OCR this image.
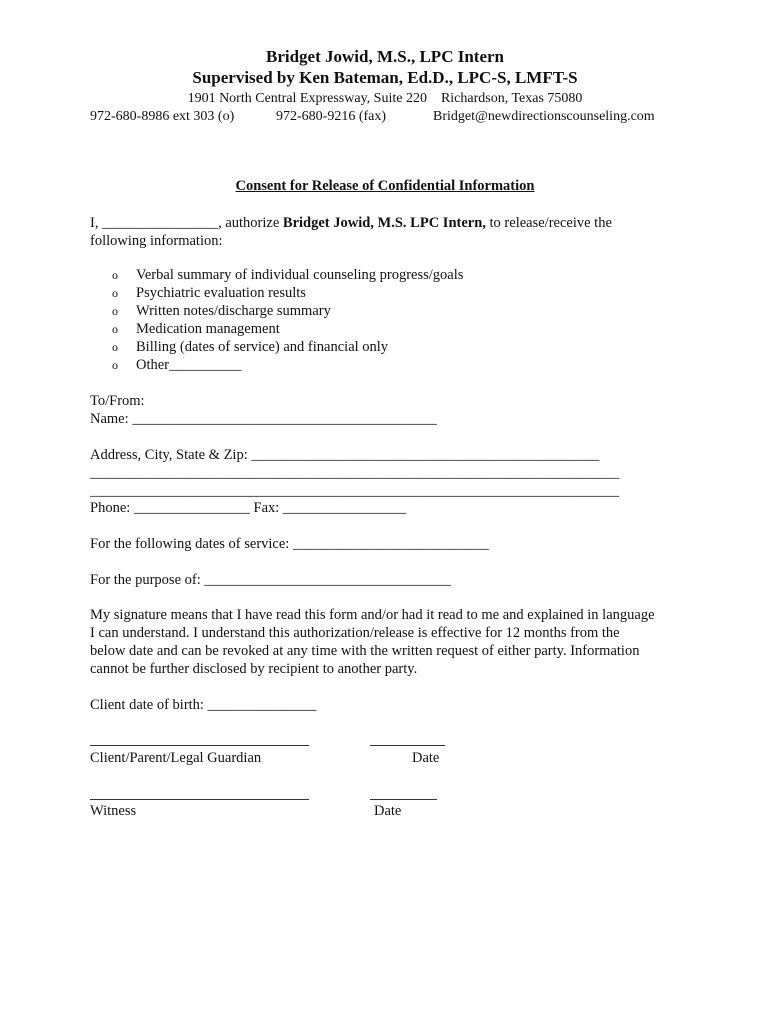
Bridget Jowid, M.S., LPC Intern
Supervised by Ken Bateman, Ed.D., LPC-S, LMFT-S
1901 North Central Expressway, Suite 220 Richardson, Texas 75080
972-680-8986 ext 303 (o)	972-680-9216 (fax)	Bridget@newdirectionscounseling.com
Consent for Release of Confidential Information
I, ________________, authorize Bridget Jowid, M.S. LPC Intern, to release/receive the
following information:
o Verbal summary of individual counseling progress/goals
o Psychiatric evaluation results
o Written notes/discharge summary
o Medication management
o Billing (dates of service) and financial only
o Other__________
To/From:
Name: __________________________________________
Address, City, State & Zip: ________________________________________________
_________________________________________________________________________
_________________________________________________________________________
Phone: ________________ Fax: _________________
For the following dates of service: ___________________________
For the purpose of: __________________________________
My signature means that I have read this form and/or had it read to me and explained in language
I can understand. I understand this authorization/release is effective for 12 months from the
below date and can be revoked at any time with the written request of either party. Information
cannot be further disclosed by recipient to another party.
Client date of birth: _______________
Client/Parent/Legal Guardian	Date
Witness	Date
